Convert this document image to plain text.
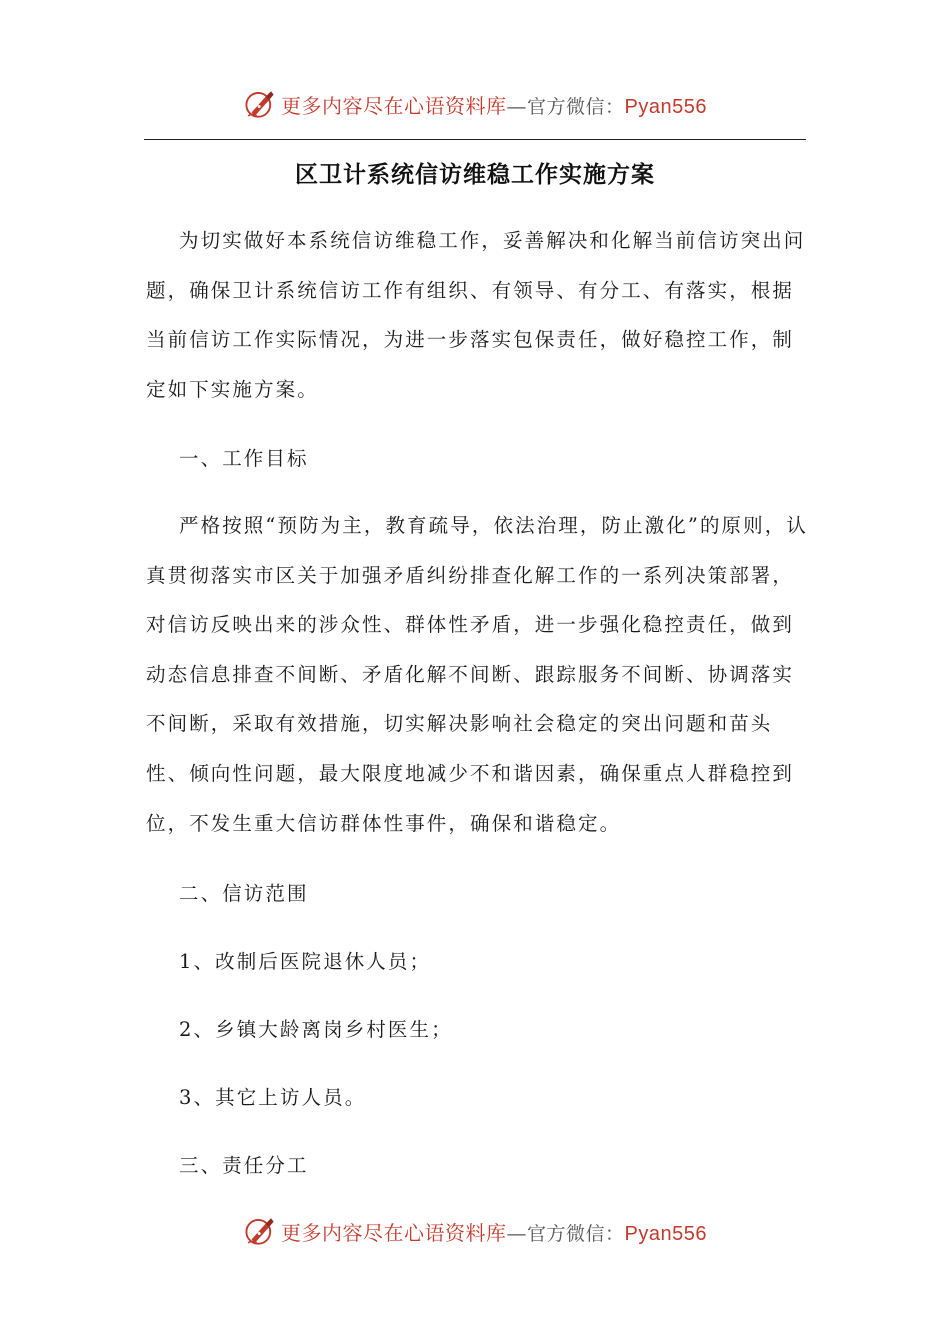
更多内容尽在心语资料库—官方微信：Pyan556
区卫计系统信访维稳工作实施方案

为切实做好本系统信访维稳工作，妥善解决和化解当前信访突出问题，确保卫计系统信访工作有组织、有领导、有分工、有落实，根据当前信访工作实际情况，为进一步落实包保责任，做好稳控工作，制定如下实施方案。

一、工作目标

严格按照“预防为主，教育疏导，依法治理，防止激化”的原则，认真贯彻落实市区关于加强矛盾纠纷排查化解工作的一系列决策部署，对信访反映出来的涉众性、群体性矛盾，进一步强化稳控责任，做到动态信息排查不间断、矛盾化解不间断、跟踪服务不间断、协调落实不间断，采取有效措施，切实解决影响社会稳定的突出问题和苗头性、倾向性问题，最大限度地减少不和谐因素，确保重点人群稳控到位，不发生重大信访群体性事件，确保和谐稳定。

二、信访范围
1、改制后医院退休人员；
2、乡镇大龄离岗乡村医生；
3、其它上访人员。
三、责任分工
更多内容尽在心语资料库—官方微信：Pyan556
